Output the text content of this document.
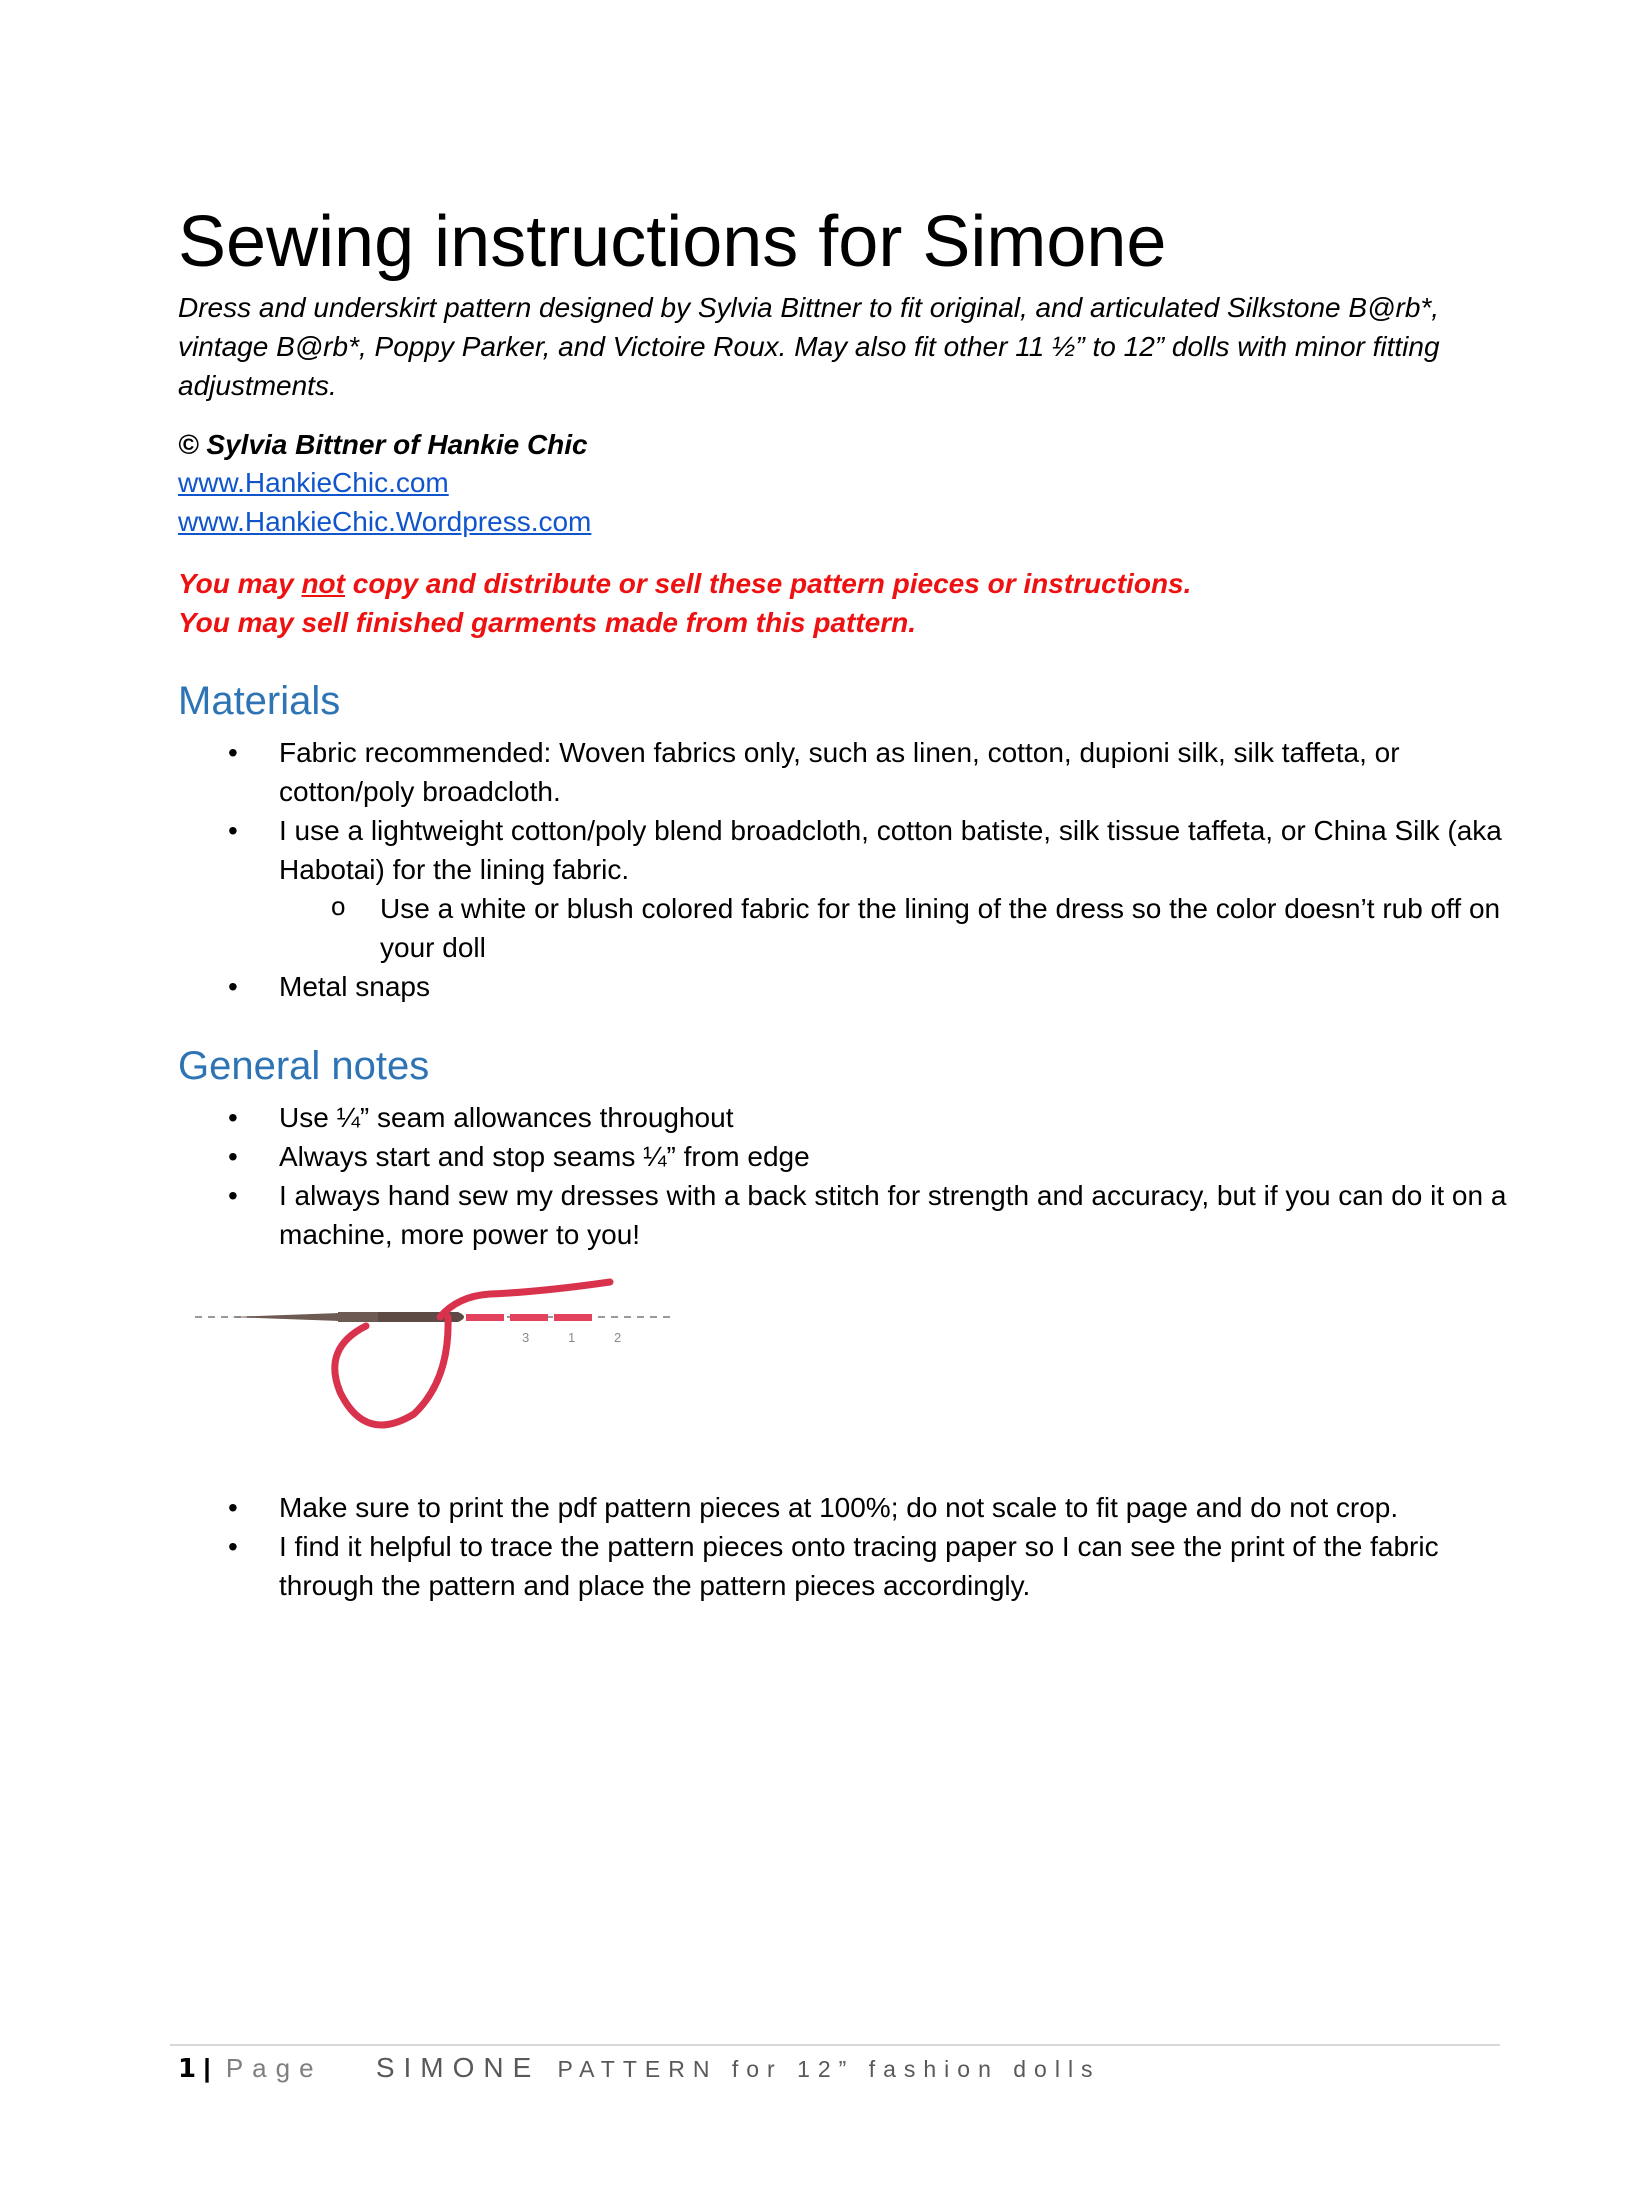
Sewing instructions for Simone

Dress and underskirt pattern designed by Sylvia Bittner to fit original, and articulated Silkstone B@rb*, vintage B@rb*, Poppy Parker, and Victoire Roux. May also fit other 11 ½” to 12” dolls with minor fitting adjustments.

© Sylvia Bittner of Hankie Chic

www.HankieChic.com
www.HankieChic.Wordpress.com
You may not copy and distribute or sell these pattern pieces or instructions.
You may sell finished garments made from this pattern.
Materials
• Fabric recommended: Woven fabrics only, such as linen, cotton, dupioni silk, silk taffeta, or cotton/poly broadcloth.
• I use a lightweight cotton/poly blend broadcloth, cotton batiste, silk tissue taffeta, or China Silk (aka Habotai) for the lining fabric.
o Use a white or blush colored fabric for the lining of the dress so the color doesn’t rub off on your doll
• Metal snaps
General notes
• Use ¼” seam allowances throughout
• Always start and stop seams ¼” from edge
• I always hand sew my dresses with a back stitch for strength and accuracy, but if you can do it on a machine, more power to you!
3	1	2
• Make sure to print the pdf pattern pieces at 100%; do not scale to fit page and do not crop.
• I find it helpful to trace the pattern pieces onto tracing paper so I can see the print of the fabric through the pattern and place the pattern pieces accordingly.
1 | Page SIMONE PATTERN for 12” fashion dolls
